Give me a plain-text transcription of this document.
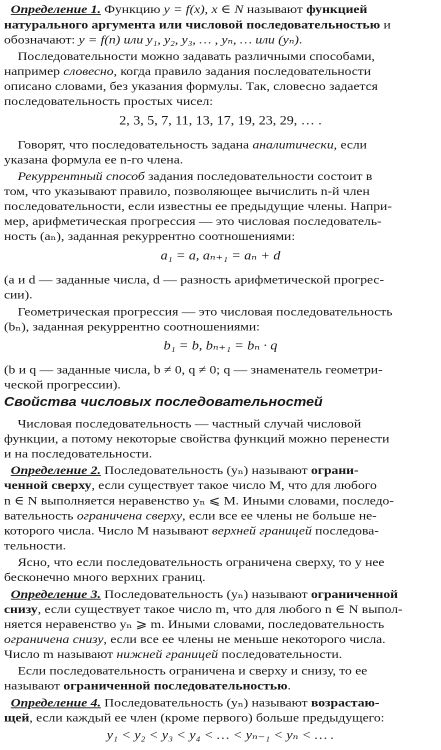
Определение 1. Функцию y = f(x), x ∈ N называют функцией
натурального аргумента или числовой последовательностью и
обозначают: y = f(n) или y₁, y₂, y₃, … , yₙ, … или (yₙ).

Последовательности можно задавать различными способами,
например словесно, когда правило задания последовательности
описано словами, без указания формулы. Так, словесно задается
последовательность простых чисел:

2, 3, 5, 7, 11, 13, 17, 19, 23, 29, … .

Говорят, что последовательность задана аналитически, если
указана формула ее n-го члена.

Рекуррентный способ задания последовательности состоит в
том, что указывают правило, позволяющее вычислить n-й член
последовательности, если известны ее предыдущие члены. Напри-
мер, арифметическая прогрессия — это числовая последователь-
ность (aₙ), заданная рекуррентно соотношениями:

a₁ = a, aₙ₊₁ = aₙ + d

(a и d — заданные числа, d — разность арифметической прогрес-
сии).

Геометрическая прогрессия — это числовая последовательность
(bₙ), заданная рекуррентно соотношениями:

b₁ = b, bₙ₊₁ = bₙ · q

(b и q — заданные числа, b ≠ 0, q ≠ 0; q — знаменатель геометри-
ческой прогрессии).

Свойства числовых последовательностей

Числовая последовательность — частный случай числовой
функции, а потому некоторые свойства функций можно перенести
и на последовательности.

Определение 2. Последовательность (yₙ) называют ограни-
ченной сверху, если существует такое число M, что для любого
n ∈ N выполняется неравенство yₙ ⩽ M. Иными словами, последо-
вательность ограничена сверху, если все ее члены не больше не-
которого числа. Число M называют верхней границей последова-
тельности.

Ясно, что если последовательность ограничена сверху, то у нее
бесконечно много верхних границ.

Определение 3. Последовательность (yₙ) называют ограниченной
снизу, если существует такое число m, что для любого n ∈ N выпол-
няется неравенство yₙ ⩾ m. Иными словами, последовательность
ограничена снизу, если все ее члены не меньше некоторого числа.
Число m называют нижней границей последовательности.

Если последовательность ограничена и сверху и снизу, то ее
называют ограниченной последовательностью.

Определение 4. Последовательность (yₙ) называют возрастаю-
щей, если каждый ее член (кроме первого) больше предыдущего:

y₁ < y₂ < y₃ < y₄ < … < yₙ₋₁ < yₙ < … .
